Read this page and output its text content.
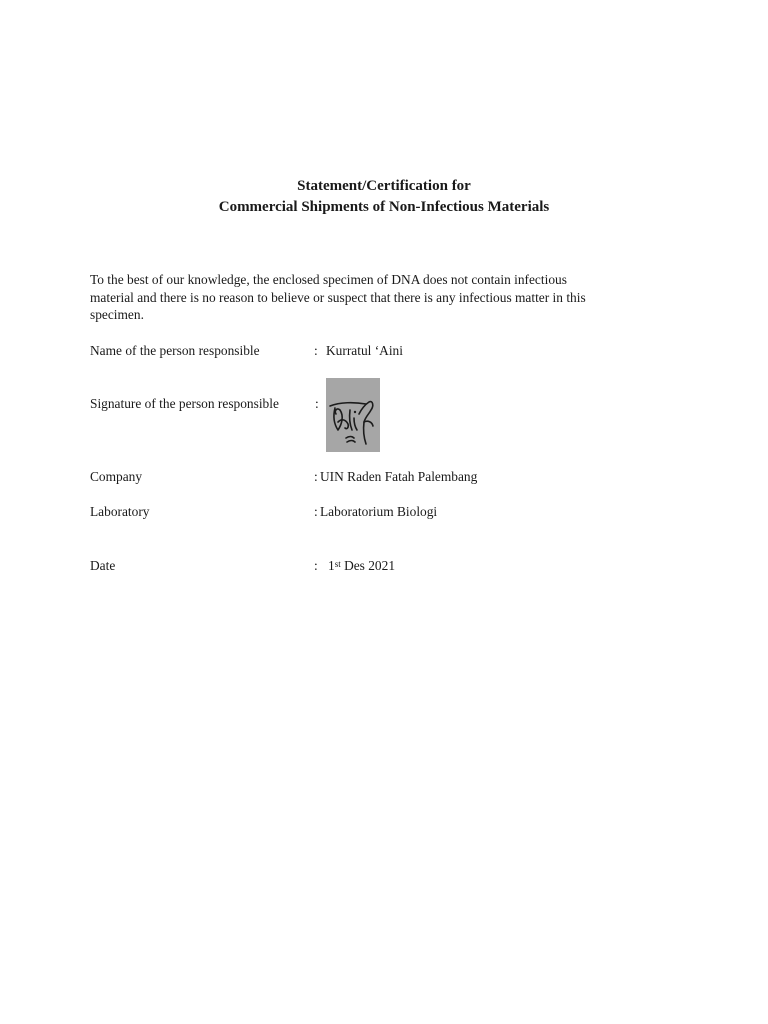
Statement/Certification for
Commercial Shipments of Non-Infectious Materials
To the best of our knowledge, the enclosed specimen of DNA does not contain infectious
material and there is no reason to believe or suspect that there is any infectious matter in this
specimen.
Name of the person responsible	: Kurratul ‘Aini
Signature of the person responsible	:
Company	: UIN Raden Fatah Palembang
Laboratory	: Laboratorium Biologi
Date	: 1st Des 2021
